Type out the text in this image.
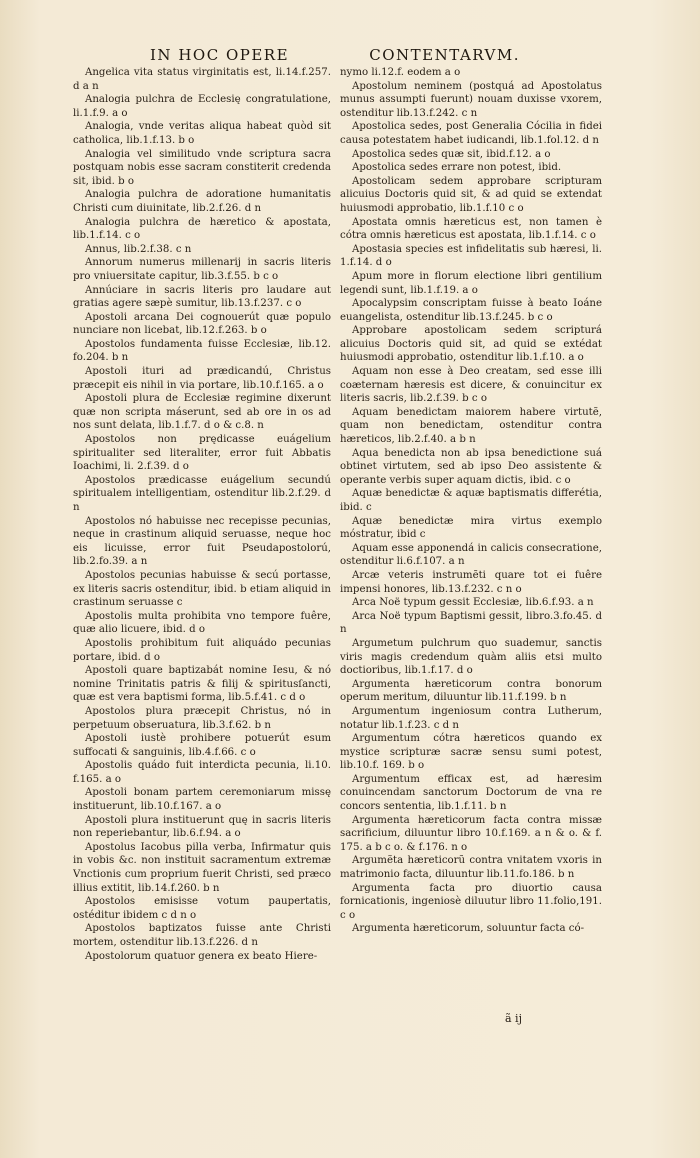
IN HOC OPERE	CONTENTARVM.

Angelica vita status virginitatis est, li.14.f.257. d a n

Analogia pulchra de Ecclesię congratulatione, li.1.f.9. a o

Analogia, vnde veritas aliqua habeat quòd sit catholica, lib.1.f.13. b o

Analogia vel similitudo vnde scriptura sacra postquam nobis esse sacram constiterit credenda sit, ibid. b o

Analogia pulchra de adoratione humanitatis Christi cum diuinitate, lib.2.f.26. d n

Analogia pulchra de hæretico & apostata, lib.1.f.14. c o

Annus, lib.2.f.38. c n

Annorum numerus millenarij in sacris literis pro vniuersitate capitur, lib.3.f.55. b c o

Annúciare in sacris literis pro laudare aut gratias agere sæpè sumitur, lib.13.f.237. c o

Apostoli arcana Dei cognouerút quæ populo nunciare non licebat, lib.12.f.263. b o

Apostolos fundamenta fuisse Ecclesiæ, lib.12. fo.204. b n

Apostoli ituri ad prædicandú, Christus præcepit eis nihil in via portare, lib.10.f.165. a o

Apostoli plura de Ecclesiæ regimine dixerunt quæ non scripta máserunt, sed ab ore in os ad nos sunt delata, lib.1.f.7. d o & c.8. n

Apostolos non prędicasse euágelium spiritualiter sed literaliter, error fuit Abbatis Ioachimi, li. 2.f.39. d o

Apostolos prædicasse euágelium secundú spiritualem intelligentiam, ostenditur lib.2.f.29. d n

Apostolos nó habuisse nec recepisse pecunias, neque in crastinum aliquid seruasse, neque hoc eis licuisse, error fuit Pseudapostolorú, lib.2.fo.39. a n

Apostolos pecunias habuisse & secú portasse, ex literis sacris ostenditur, ibid. b etiam aliquid in crastinum seruasse c

Apostolis multa prohibita vno tempore fuêre, quæ alio licuere, ibid. d o

Apostolis prohibitum fuit aliquádo pecunias portare, ibid. d o

Apostoli quare baptizabát nomine Iesu, & nó nomine Trinitatis patris & filij & spiritusſancti, quæ est vera baptismi forma, lib.5.f.41. c d o

Apostolos plura præcepit Christus, nó in perpetuum obseruatura, lib.3.f.62. b n

Apostoli iustè prohibere potuerút esum suffocati & sanguinis, lib.4.f.66. c o

Apostolis quádo fuit interdicta pecunia, li.10. f.165. a o

Apostoli bonam partem ceremoniarum missę instituerunt, lib.10.f.167. a o

Apostoli plura instituerunt quę in sacris literis non reperiebantur, lib.6.f.94. a o

Apostolus Iacobus pilla verba, Infirmatur quis in vobis &c. non instituit sacramentum extremæ Vnctionis cum proprium fuerit Christi, sed præco illius extitit, lib.14.f.260. b n

Apostolos emisisse votum paupertatis, ostéditur ibidem c d n o

Apostolos baptizatos fuisse ante Christi mortem, ostenditur lib.13.f.226. d n

Apostolorum quatuor genera ex beato Hiere-

nymo li.12.f. eodem a o

Apostolum neminem (postquá ad Apostolatus munus assumpti fuerunt) nouam duxisse vxorem, ostenditur lib.13.f.242. c n

Apostolica sedes, post Generalia Cócilia in fidei causa potestatem habet iudicandi, lib.1.fol.12. d n

Apostolica sedes quæ sit, ibid.f.12. a o

Apostolica sedes errare non potest, ibid.

Apostolicam sedem approbare scripturam alicuius Doctoris quid sit, & ad quid se extendat huiusmodi approbatio, lib.1.f.10 c o

Apostata omnis hæreticus est, non tamen è cótra omnis hæreticus est apostata, lib.1.f.14. c o

Apostasia species est infidelitatis sub hæresi, li. 1.f.14. d o

Apum more in florum electione libri gentilium legendi sunt, lib.1.f.19. a o

Apocalypsim conscriptam fuisse à beato Ioáne euangelista, ostenditur lib.13.f.245. b c o

Approbare apostolicam sedem scripturá alicuius Doctoris quid sit, ad quid se extédat huiusmodi approbatio, ostenditur lib.1.f.10. a o

Aquam non esse à Deo creatam, sed esse illi coæternam hæresis est dicere, & conuincitur ex literis sacris, lib.2.f.39. b c o

Aquam benedictam maiorem habere virtutẽ, quam non benedictam, ostenditur contra hæreticos, lib.2.f.40. a b n

Aqua benedicta non ab ipsa benedictione suá obtinet virtutem, sed ab ipso Deo assistente & operante verbis super aquam dictis, ibid. c o

Aquæ benedictæ & aquæ baptismatis differétia, ibid. c

Aquæ benedictæ mira virtus exemplo móstratur, ibid c

Aquam esse apponendá in calicis consecratione, ostenditur li.6.f.107. a n

Arcæ veteris instrumẽti quare tot ei fuêre impensi honores, lib.13.f.232. c n o

Arca Noë typum gessit Ecclesiæ, lib.6.f.93. a n

Arca Noë typum Baptismi gessit, libro.3.fo.45. d n

Argumetum pulchrum quo suademur, sanctis viris magis credendum quàm aliis etsi multo doctioribus, lib.1.f.17. d o

Argumenta hæreticorum contra bonorum operum meritum, diluuntur lib.11.f.199. b n

Argumentum ingeniosum contra Lutherum, notatur lib.1.f.23. c d n

Argumentum cótra hæreticos quando ex mystice scripturæ sacræ sensu sumi potest, lib.10.f. 169. b o

Argumentum efficax est, ad hæresim conuincendam sanctorum Doctorum de vna re concors sententia, lib.1.f.11. b n

Argumenta hæreticorum facta contra missæ sacrificium, diluuntur libro 10.f.169. a n & o. & f. 175. a b c o. & f.176. n o

Argumẽta hæreticorũ contra vnitatem vxoris in matrimonio facta, diluuntur lib.11.fo.186. b n

Argumenta facta pro diuortio causa fornicationis, ingeniosè diluutur libro 11.folio,191. c o

Argumenta hæreticorum, soluuntur facta có-

ã ij
